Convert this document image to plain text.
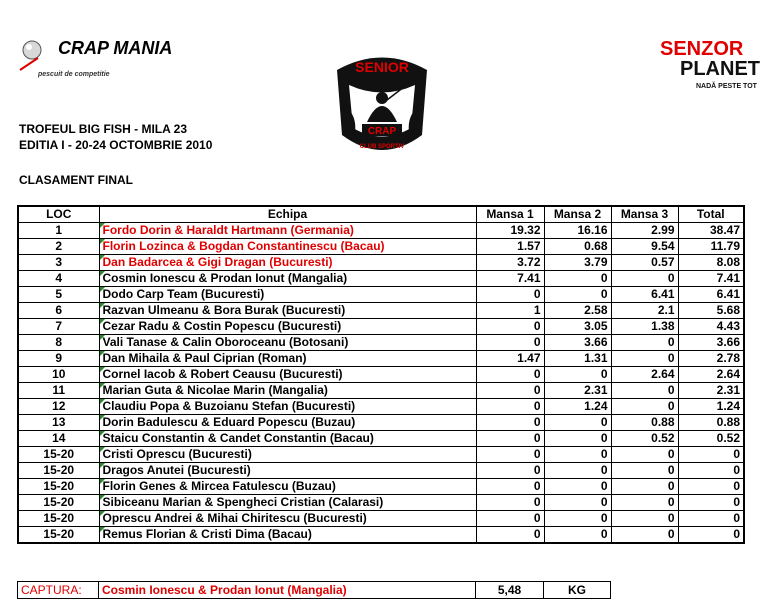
CRAP MANIA
pescuit de competitie	SENIOR
CRAP
CLUB SPORTIV
SENZOR
PLANET
NADĂ PESTE TOT
TROFEUL BIG FISH - MILA 23
EDITIA I - 20-24 OCTOMBRIE 2010
CLASAMENT FINAL
LOC	Echipa	Mansa 1	Mansa 2	Mansa 3	Total
1	Fordo Dorin & Haraldt Hartmann (Germania)	19.32	16.16	2.99	38.47
2	Florin Lozinca & Bogdan Constantinescu (Bacau)	1.57	0.68	9.54	11.79
3	Dan Badarcea & Gigi Dragan (Bucuresti)	3.72	3.79	0.57	8.08
4	Cosmin Ionescu & Prodan Ionut (Mangalia)	7.41	0	0	7.41
5	Dodo Carp Team (Bucuresti)	0	0	6.41	6.41
6	Razvan Ulmeanu & Bora Burak (Bucuresti)	1	2.58	2.1	5.68
7	Cezar Radu & Costin Popescu (Bucuresti)	0	3.05	1.38	4.43
8	Vali Tanase & Calin Oboroceanu (Botosani)	0	3.66	0	3.66
9	Dan Mihaila & Paul Ciprian (Roman)	1.47	1.31	0	2.78
10	Cornel Iacob & Robert Ceausu (Bucuresti)	0	0	2.64	2.64
11	Marian Guta & Nicolae Marin (Mangalia)	0	2.31	0	2.31
12	Claudiu Popa & Buzoianu Stefan (Bucuresti)	0	1.24	0	1.24
13	Dorin Badulescu & Eduard Popescu (Buzau)	0	0	0.88	0.88
14	Staicu Constantin & Candet Constantin (Bacau)	0	0	0.52	0.52
15-20	Cristi Oprescu (Bucuresti)	0	0	0	0
15-20	Dragos Anutei (Bucuresti)	0	0	0	0
15-20	Florin Genes & Mircea Fatulescu (Buzau)	0	0	0	0
15-20	Sibiceanu Marian & Spengheci Cristian (Calarasi)	0	0	0	0
15-20	Oprescu Andrei & Mihai Chiritescu (Bucuresti)	0	0	0	0
15-20	Remus Florian & Cristi Dima (Bacau)	0	0	0	0
CAPTURA:	Cosmin Ionescu & Prodan Ionut (Mangalia)	5,48	KG
